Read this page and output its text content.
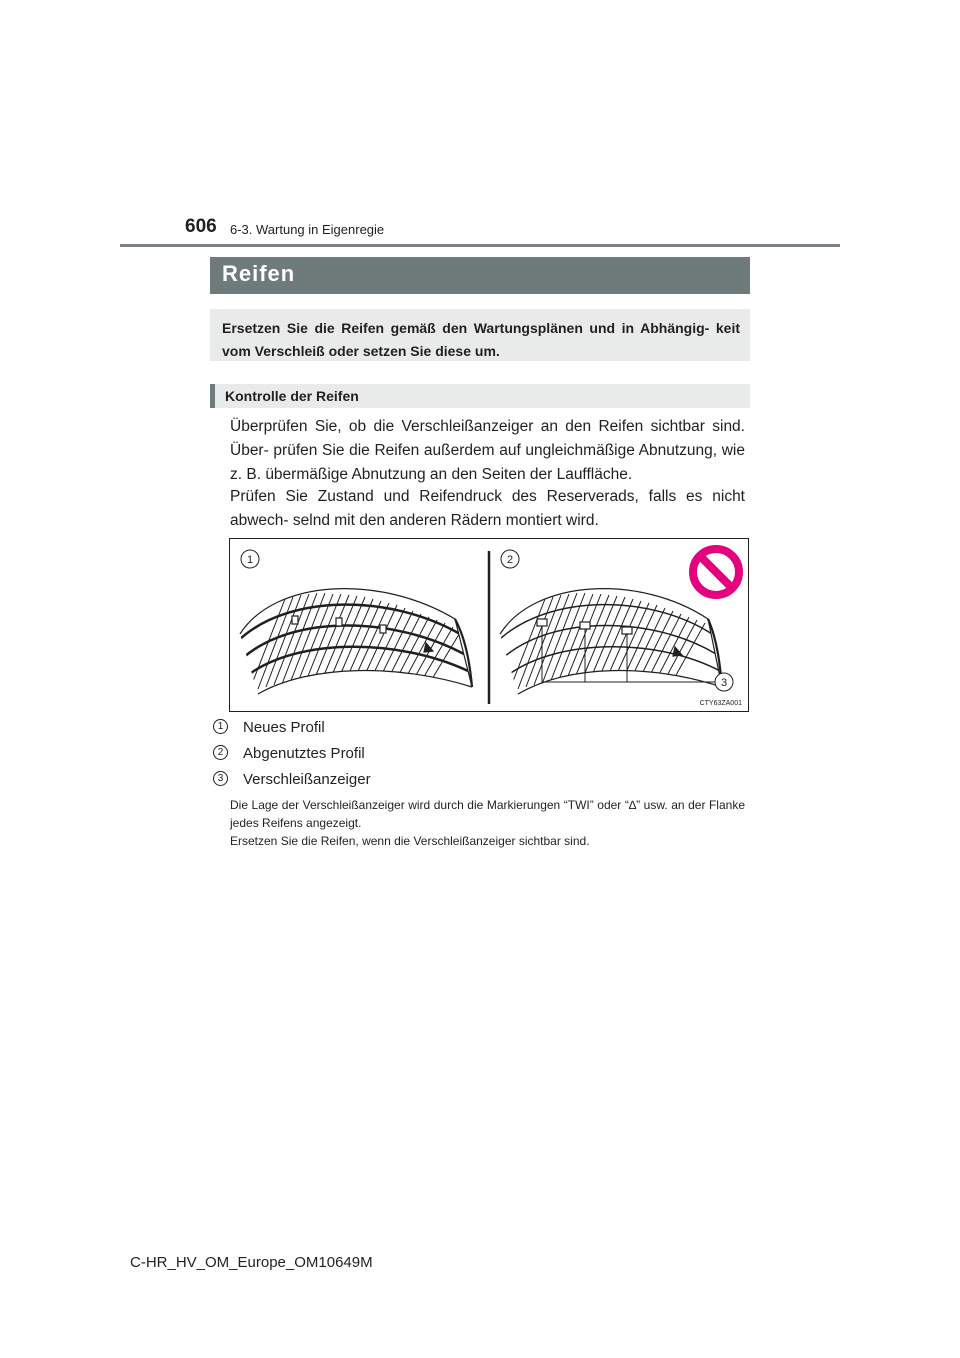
606 6-3. Wartung in Eigenregie
Reifen

Ersetzen Sie die Reifen gemäß den Wartungsplänen und in Abhängig- keit vom Verschleiß oder setzen Sie diese um.

Kontrolle der Reifen

Überprüfen Sie, ob die Verschleißanzeiger an den Reifen sichtbar sind. Über- prüfen Sie die Reifen außerdem auf ungleichmäßige Abnutzung, wie z. B. übermäßige Abnutzung an den Seiten der Lauffläche.

Prüfen Sie Zustand und Reifendruck des Reserverads, falls es nicht abwech- selnd mit den anderen Rädern montiert wird.

1	2
3
CTY63ZA001
1	Neues Profil
2	Abgenutztes Profil
3	Verschleißanzeiger
Die Lage der Verschleißanzeiger wird durch die Markierungen “TWI” oder “∆” usw. an der Flanke jedes Reifens angezeigt.
Ersetzen Sie die Reifen, wenn die Verschleißanzeiger sichtbar sind.
C-HR_HV_OM_Europe_OM10649M
